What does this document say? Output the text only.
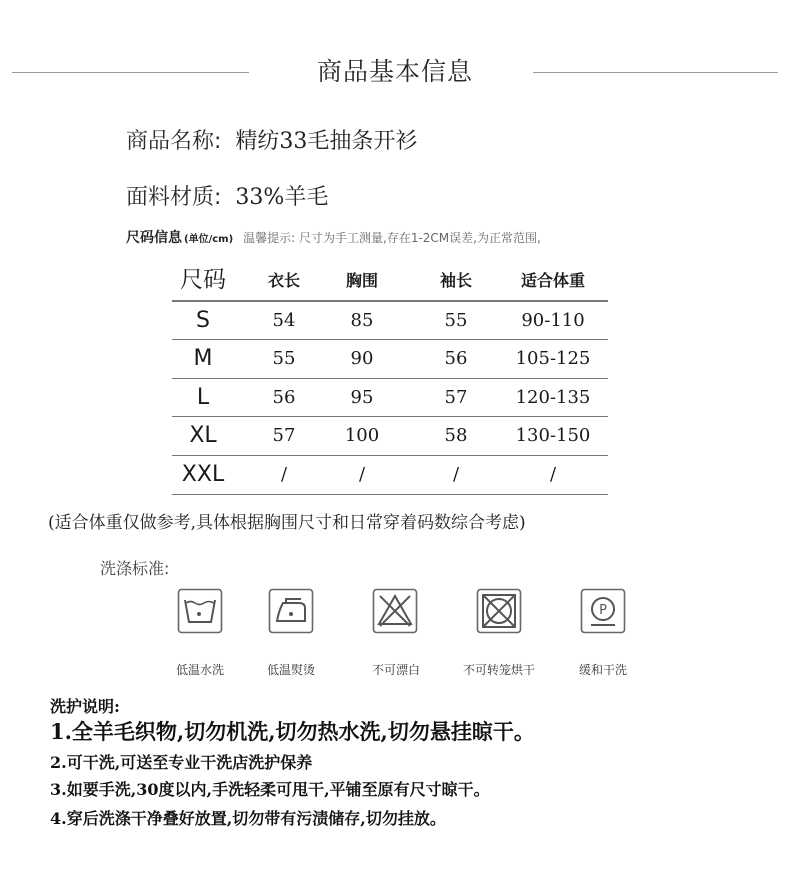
商品基本信息
商品名称: 精纺33毛抽条开衫
面料材质: 33%羊毛
尺码信息 (单位/cm) 温馨提示: 尺寸为手工测量,存在1-2CM误差,为正常范围,
尺码	衣长	胸围	袖长	适合体重
S	54	85	55	90-110
M	55	90	56	105-125
L	56	95	57	120-135
XL	57	100	58	130-150
XXL	/	/	/	/
(适合体重仅做参考,具体根据胸围尺寸和日常穿着码数综合考虑)
洗涤标准:
P
低温水洗	低温熨烫	不可漂白	不可转笼烘干	缓和干洗
洗护说明:
1.全羊毛织物,切勿机洗,切勿热水洗,切勿悬挂晾干。
2.可干洗,可送至专业干洗店洗护保养
3.如要手洗,30度以内,手洗轻柔可甩干,平铺至原有尺寸晾干。
4.穿后洗涤干净叠好放置,切勿带有污渍储存,切勿挂放。
